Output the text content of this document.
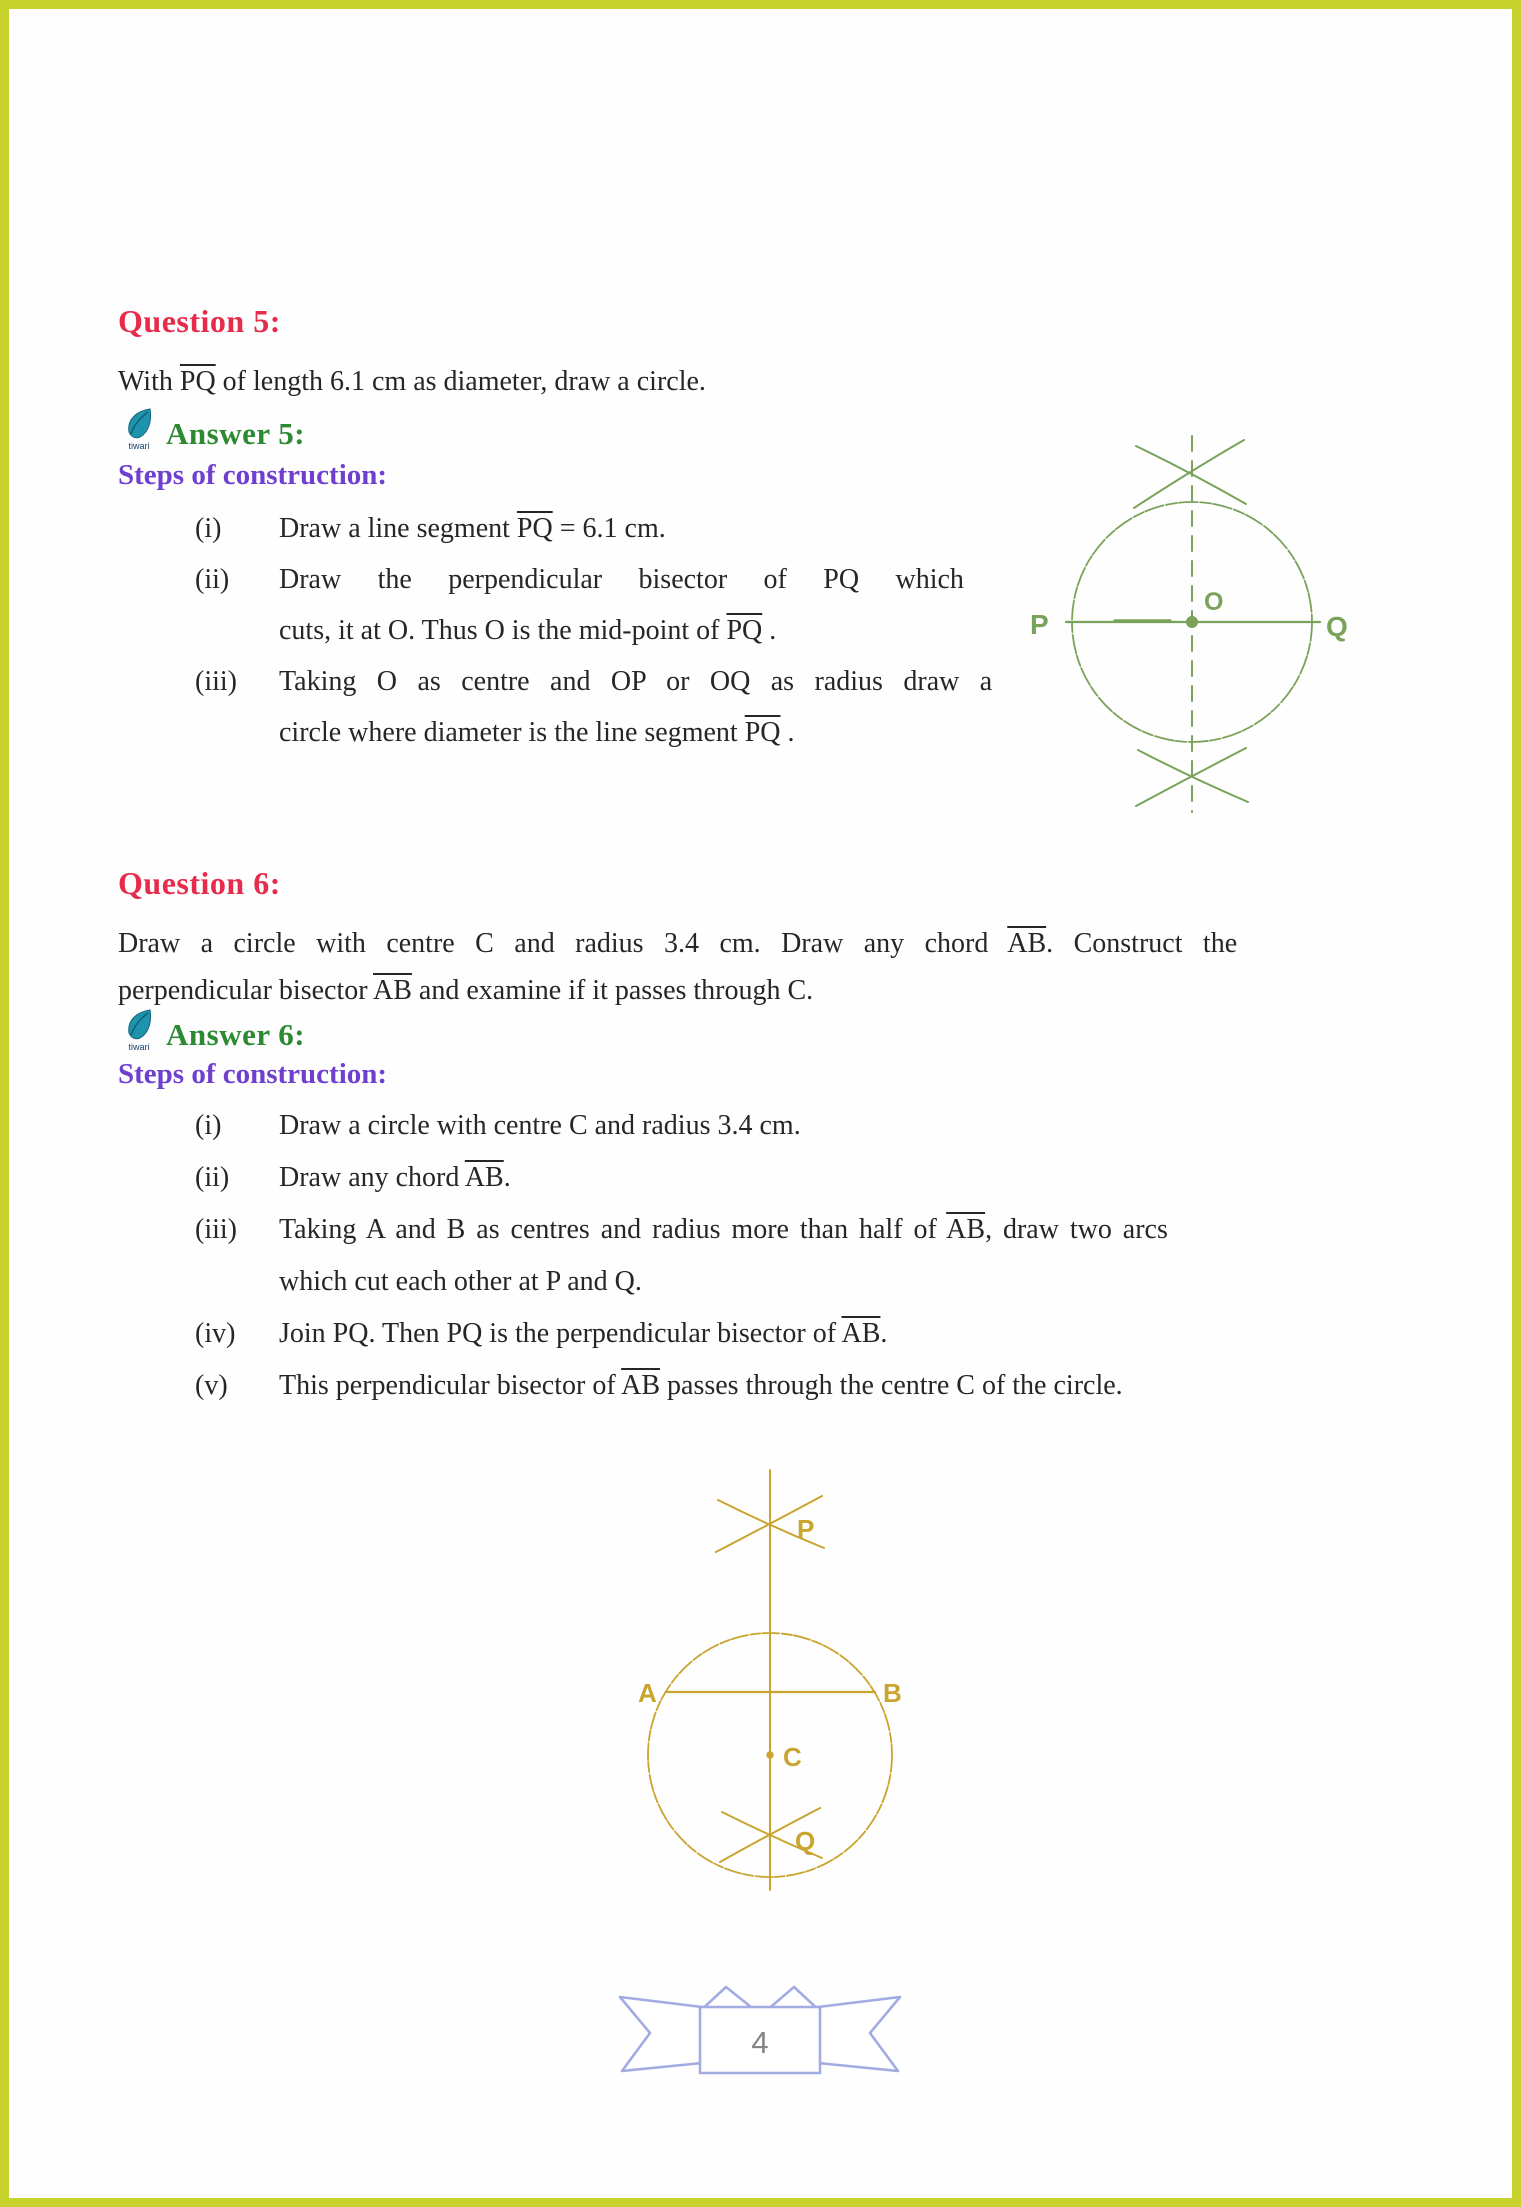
Question 5:
With $\overline{PQ}$ of length 6.1 cm as diameter, draw a circle.
tiwari Answer 5:
Steps of construction:
(i)	Draw a line segment $\overline{PQ} = 6.1$ cm.
(ii)	Draw the perpendicular bisector of PQ which
cuts, it at O. Thus O is the mid-point of $\overline{PQ}$ .
(iii)	Taking O as centre and OP or OQ as radius draw a
circle where diameter is the line segment $\overline{PQ}$ .
P
O
Q
Question 6:
Draw a circle with centre C and radius 3.4 cm. Draw any chord $\overline{AB}$. Construct the
perpendicular bisector $\overline{AB}$ and examine if it passes through C.
tiwari Answer 6:
Steps of construction:
(i)	Draw a circle with centre C and radius 3.4 cm.
(ii)	Draw any chord $\overline{AB}$.
(iii)	Taking A and B as centres and radius more than half of $\overline{AB}$, draw two arcs
which cut each other at P and Q.
(iv)	Join PQ. Then PQ is the perpendicular bisector of $\overline{AB}$.
(v)	This perpendicular bisector of $\overline{AB}$ passes through the centre C of the circle.
P
A	B
C
Q
4
